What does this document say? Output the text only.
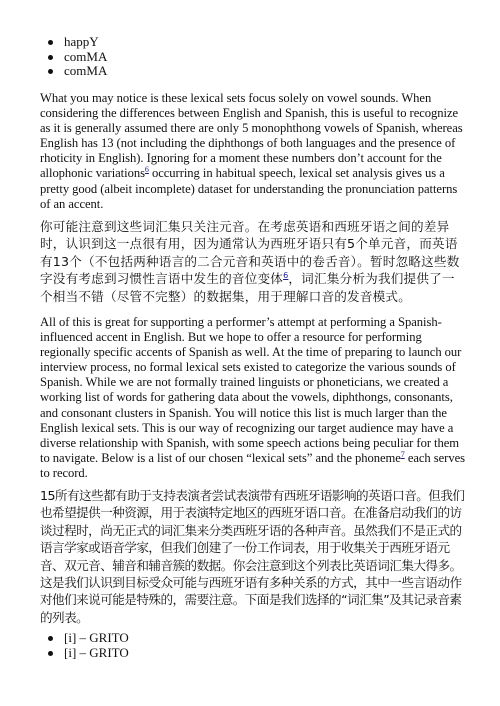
happY
comMA
comMA

What you may notice is these lexical sets focus solely on vowel sounds. When considering the differences between English and Spanish, this is useful to recognize as it is generally assumed there are only 5 monophthong vowels of Spanish, whereas English has 13 (not including the diphthongs of both languages and the presence of rhoticity in English). Ignoring for a moment these numbers don’t account for the allophonic variations$^6$ occurring in habitual speech, lexical set analysis gives us a pretty good (albeit incomplete) dataset for understanding the pronunciation patterns of an accent.

你可能注意到这些词汇集只关注元音。在考虑英语和西班牙语之间的差异时，认识到这一点很有用，因为通常认为西班牙语只有5个单元音，而英语有13个（不包括两种语言的二合元音和英语中的卷舌音）。暂时忽略这些数字没有考虑到习惯性言语中发生的音位变体$^6$，词汇集分析为我们提供了一个相当不错（尽管不完整）的数据集，用于理解口音的发音模式。

All of this is great for supporting a performer’s attempt at performing a Spanish-influenced accent in English. But we hope to offer a resource for performing regionally specific accents of Spanish as well. At the time of preparing to launch our interview process, no formal lexical sets existed to categorize the various sounds of Spanish. While we are not formally trained linguists or phoneticians, we created a working list of words for gathering data about the vowels, diphthongs, consonants, and consonant clusters in Spanish. You will notice this list is much larger than the English lexical sets. This is our way of recognizing our target audience may have a diverse relationship with Spanish, with some speech actions being peculiar for them to navigate. Below is a list of our chosen “lexical sets” and the phoneme$^7$ each serves to record.

15所有这些都有助于支持表演者尝试表演带有西班牙语影响的英语口音。但我们也希望提供一种资源，用于表演特定地区的西班牙语口音。在准备启动我们的访谈过程时，尚无正式的词汇集来分类西班牙语的各种声音。虽然我们不是正式的语言学家或语音学家，但我们创建了一份工作词表，用于收集关于西班牙语元音、双元音、辅音和辅音簇的数据。你会注意到这个列表比英语词汇集大得多。这是我们认识到目标受众可能与西班牙语有多种关系的方式，其中一些言语动作对他们来说可能是特殊的，需要注意。下面是我们选择的“词汇集”及其记录音素的列表。

[i] – GRITO
[i] – GRITO
